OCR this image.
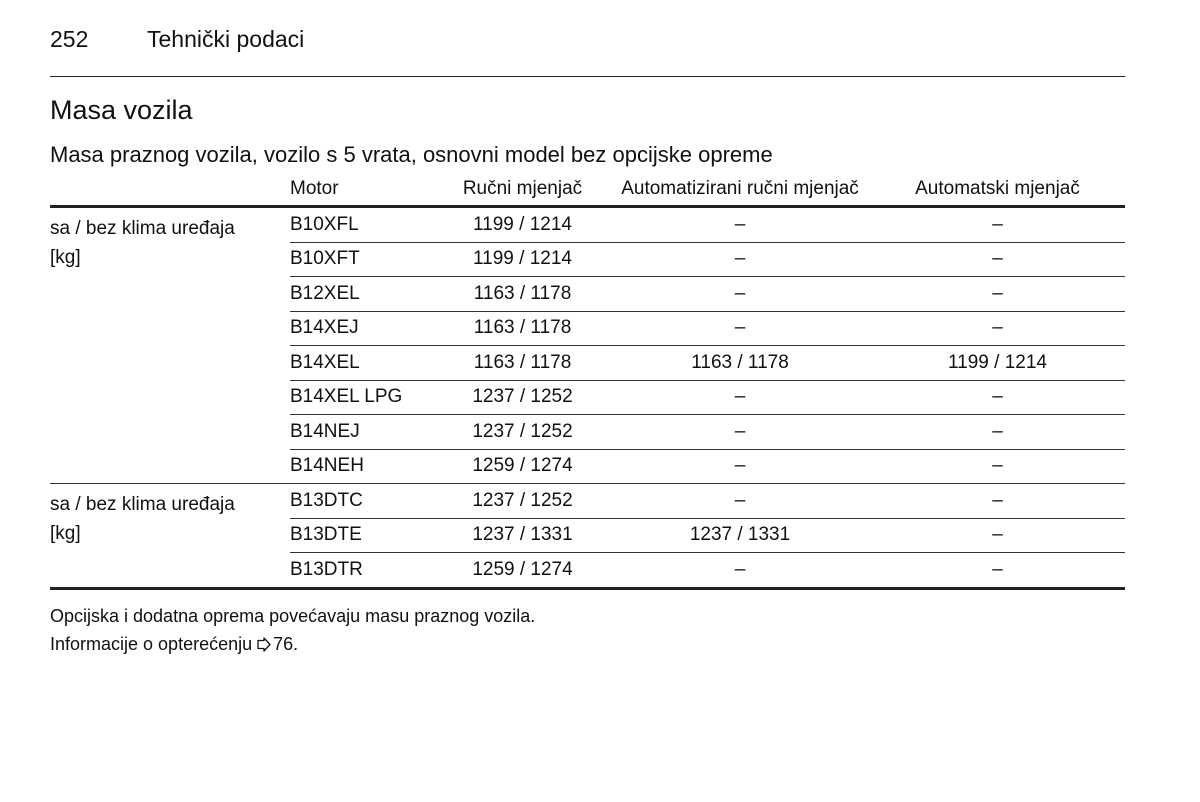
252	Tehnički podaci
Masa vozila
Masa praznog vozila, vozilo s 5 vrata, osnovni model bez opcijske opreme
	Motor	Ručni mjenjač	Automatizirani ručni mjenjač	Automatski mjenjač

sa / bez klima uređaja
[kg]	B10XFL	1199 / 1214	–	–
	B10XFT	1199 / 1214	–	–
	B12XEL	1163 / 1178	–	–
	B14XEJ	1163 / 1178	–	–
	B14XEL	1163 / 1178	1163 / 1178	1199 / 1214
	B14XEL LPG	1237 / 1252	–	–
	B14NEJ	1237 / 1252	–	–
	B14NEH	1259 / 1274	–	–

sa / bez klima uređaja
[kg]	B13DTC	1237 / 1252	–	–
	B13DTE	1237 / 1331	1237 / 1331	–
	B13DTR	1259 / 1274	–	–
Opcijska i dodatna oprema povećavaju masu praznog vozila.
Informacije o opterećenju 76.
